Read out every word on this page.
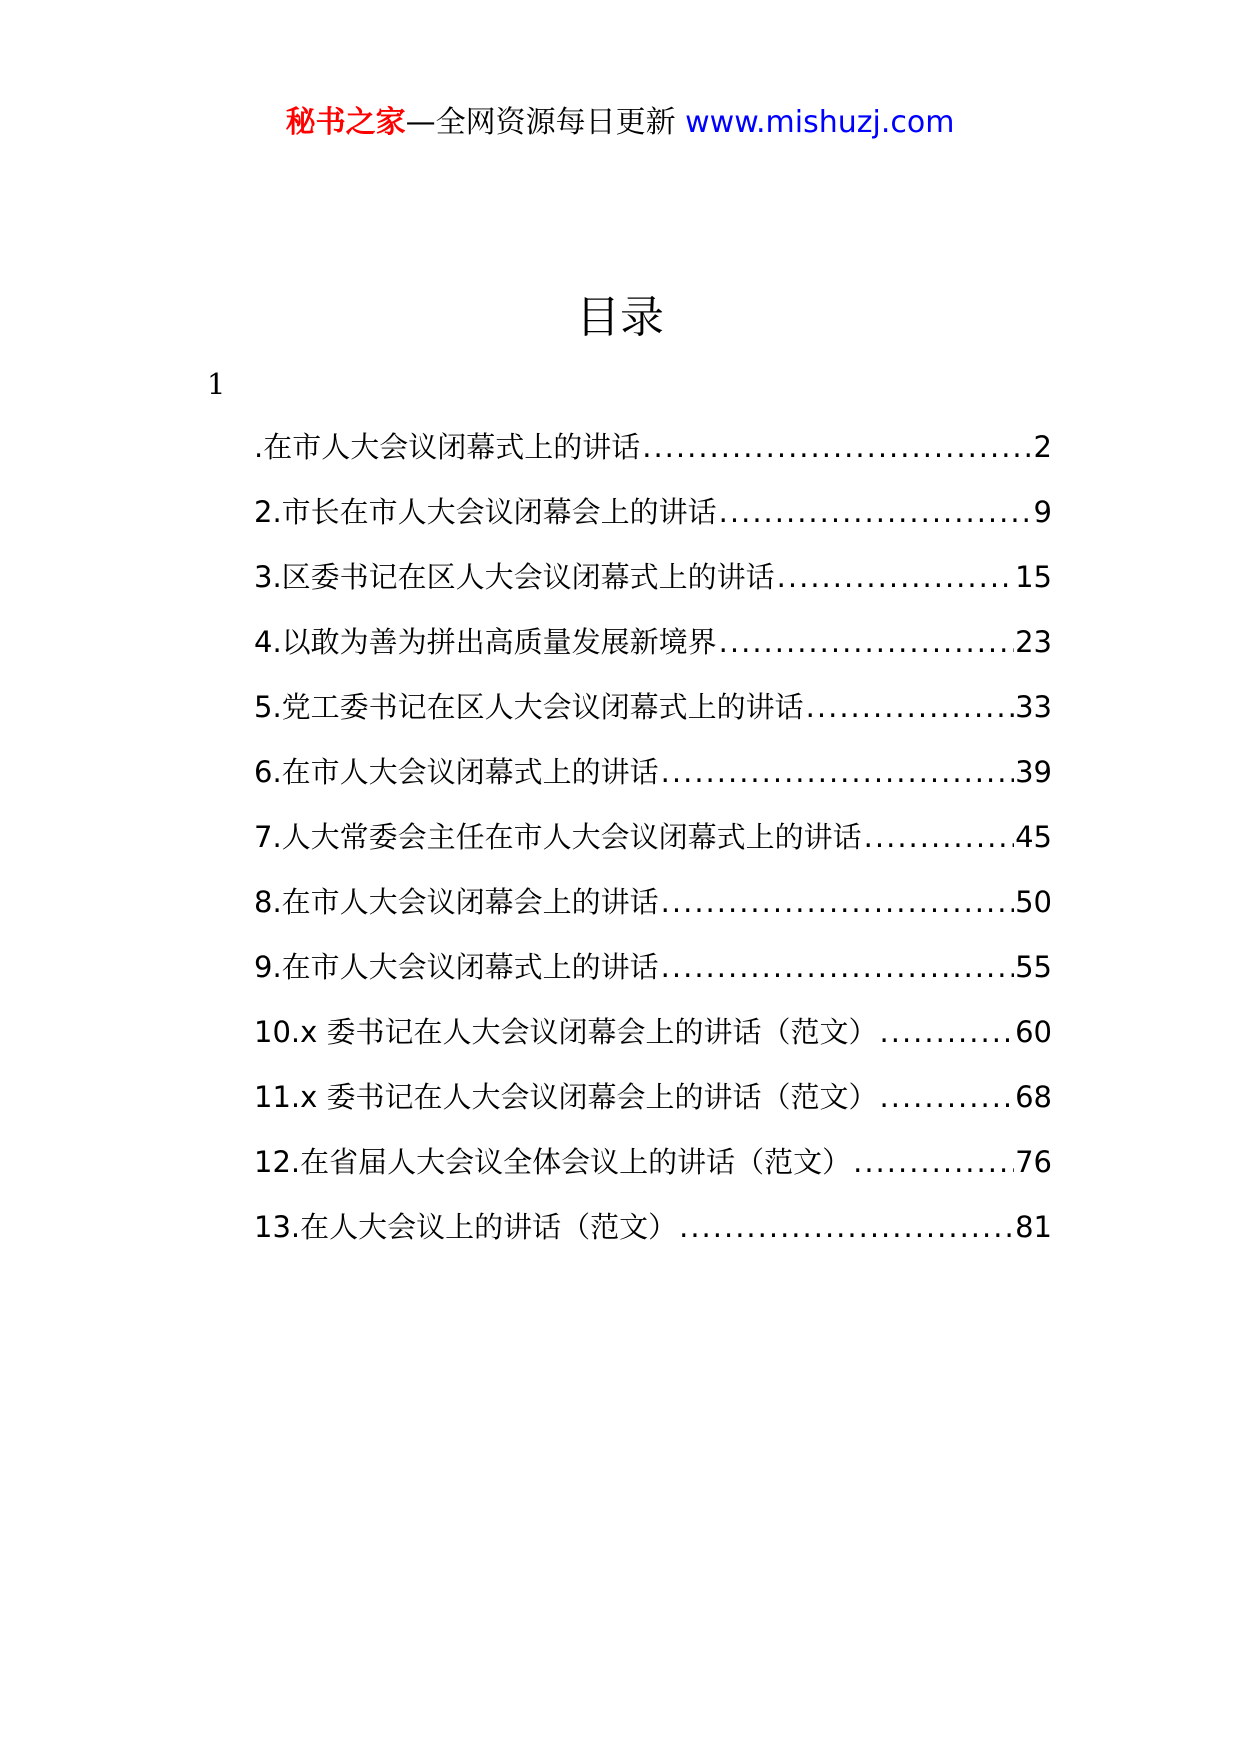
秘书之家—全网资源每日更新 www.mishuzj.com
目录
1
.在市人大会议闭幕式上的讲话 .....	2
2.市长在市人大会议闭幕会上的讲话 .....	9
3.区委书记在区人大会议闭幕式上的讲话 .....	15
4.以敢为善为拼出高质量发展新境界 .....	23
5.党工委书记在区人大会议闭幕式上的讲话 .....	33
6.在市人大会议闭幕式上的讲话 .....	39
7.人大常委会主任在市人大会议闭幕式上的讲话 .....	45
8.在市人大会议闭幕会上的讲话 .....	50
9.在市人大会议闭幕式上的讲话 .....	55
10.x 委书记在人大会议闭幕会上的讲话（范文） .....	60
11.x 委书记在人大会议闭幕会上的讲话（范文） .....	68
12.在省届人大会议全体会议上的讲话（范文） .....	76
13.在人大会议上的讲话（范文） .....	81
